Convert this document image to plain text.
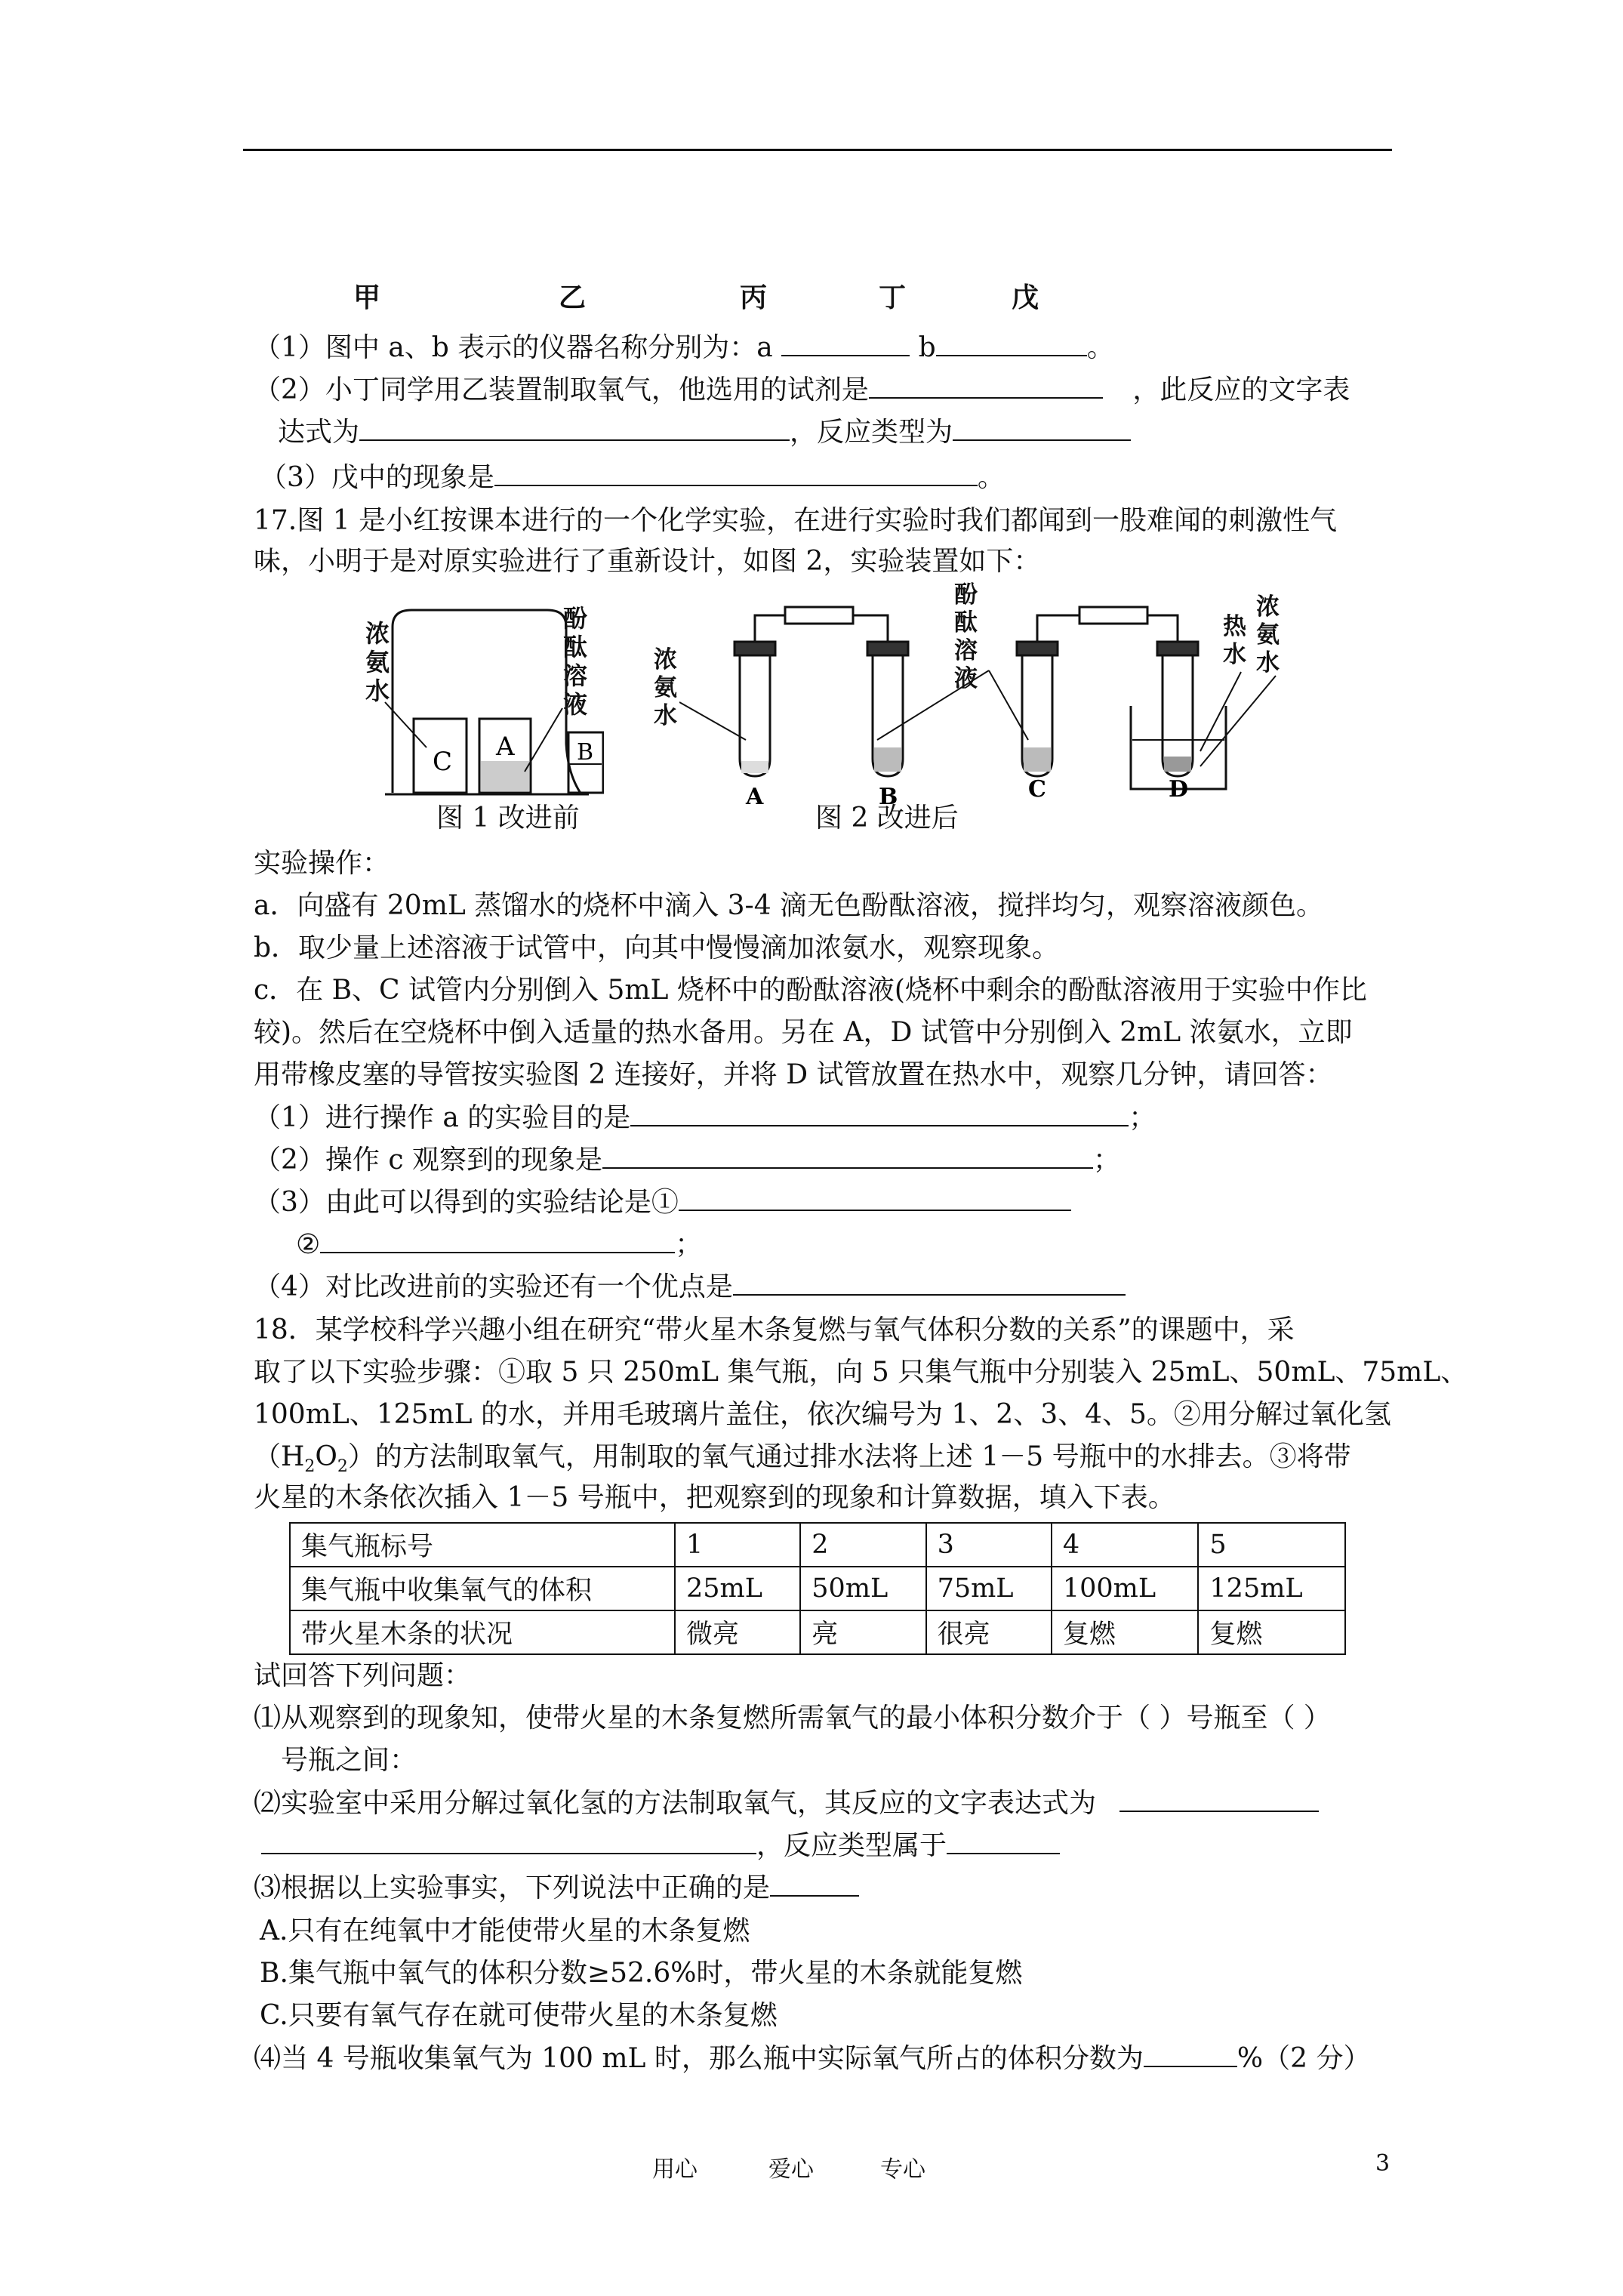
甲	乙	丙	丁	戊
（1）图中 a、b 表示的仪器名称分别为：a	b	。
（2）小丁同学用乙装置制取氧气，他选用的试剂是	，此反应的文字表
达式为	，反应类型为
（3）戊中的现象是	。
17.图 1 是小红按课本进行的一个化学实验，在进行实验时我们都闻到一股难闻的刺激性气
味，小明于是对原实验进行了重新设计，如图 2，实验装置如下：
C A	B
浓氨水
酚酞溶液
图 1 改进前
A	B	C	D
浓氨水
酚酞溶液
热水
浓氨水
图 2 改进后
实验操作：
a．向盛有 20mL 蒸馏水的烧杯中滴入 3-4 滴无色酚酞溶液，搅拌均匀，观察溶液颜色。
b．取少量上述溶液于试管中，向其中慢慢滴加浓氨水，观察现象。
c．在 B、C 试管内分别倒入 5mL 烧杯中的酚酞溶液(烧杯中剩余的酚酞溶液用于实验中作比
较)。然后在空烧杯中倒入适量的热水备用。另在 A，D 试管中分别倒入 2mL 浓氨水，立即
用带橡皮塞的导管按实验图 2 连接好，并将 D 试管放置在热水中，观察几分钟，请回答：
（1）进行操作 a 的实验目的是	；
（2）操作 c 观察到的现象是	；
（3）由此可以得到的实验结论是①
②	；
（4）对比改进前的实验还有一个优点是
18．某学校科学兴趣小组在研究“带火星木条复燃与氧气体积分数的关系”的课题中，采
取了以下实验步骤：①取 5 只 250mL 集气瓶，向 5 只集气瓶中分别装入 25mL、50mL、75mL、
100mL、125mL 的水，并用毛玻璃片盖住，依次编号为 1、2、3、4、5。②用分解过氧化氢
$(H_2O_2)$的方法制取氧气，用制取的氧气通过排水法将上述 1－5 号瓶中的水排去。③将带
火星的木条依次插入 1－5 号瓶中，把观察到的现象和计算数据，填入下表。
集气瓶标号	1	2	3	4	5
集气瓶中收集氧气的体积	25mL	50mL	75mL	100mL	125mL
带火星木条的状况	微亮	亮	很亮	复燃	复燃
试回答下列问题：
⑴从观察到的现象知，使带火星的木条复燃所需氧气的最小体积分数介于（ ）号瓶至（ ）
号瓶之间：
⑵实验室中采用分解过氧化氢的方法制取氧气，其反应的文字表达式为
，反应类型属于
⑶根据以上实验事实，下列说法中正确的是
A.只有在纯氧中才能使带火星的木条复燃
B.集气瓶中氧气的体积分数≥52.6%时，带火星的木条就能复燃
C.只要有氧气存在就可使带火星的木条复燃
⑷当 4 号瓶收集氧气为 100 mL 时，那么瓶中实际氧气所占的体积分数为	%（2 分）
用心	爱心	专心	3
